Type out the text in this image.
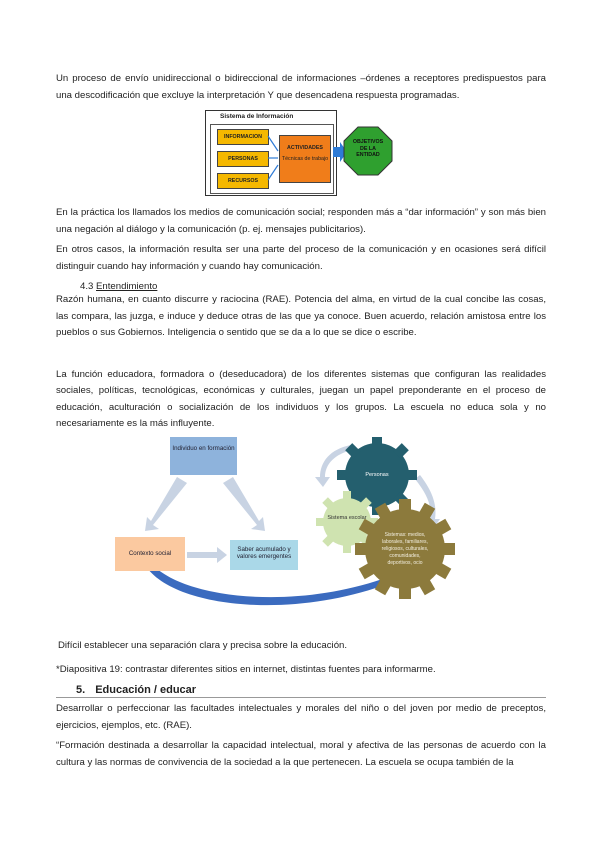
Un proceso de envío unidireccional o bidireccional de informaciones –órdenes a receptores predispuestos para una descodificación que excluye la interpretación Y que desencadena respuesta programadas.

Sistema de Información
INFORMACION
PERSONAS
RECURSOS
ACTIVIDADES
Técnicas de trabajo
OBJETIVOS
DE LA
ENTIDAD

En la práctica los llamados los medios de comunicación social; responden más a “dar información” y son más bien una negación al diálogo y la comunicación (p. ej. mensajes publicitarios).

En otros casos, la información resulta ser una parte del proceso de la comunicación y en ocasiones será difícil distinguir cuando hay información y cuando hay comunicación.

4.3 Entendimiento

Razón humana, en cuanto discurre y raciocina (RAE). Potencia del alma, en virtud de la cual concibe las cosas, las compara, las juzga, e induce y deduce otras de las que ya conoce. Buen acuerdo, relación amistosa entre los pueblos o sus Gobiernos. Inteligencia o sentido que se da a lo que se dice o escribe.

La función educadora, formadora o (deseducadora) de los diferentes sistemas que configuran las realidades sociales, políticas, tecnológicas, económicas y culturales, juegan un papel preponderante en el proceso de educación, aculturación o socialización de los individuos y los grupos. La escuela no educa sola y no necesariamente es la más influyente.

Individuo en formación
Contexto social
Saber acumulado y valores emergentes
Personas
Sistema escolar
Sistemas: medios, laborales, familiares, religiosos, culturales, comunidades, deportivos, ocio
Difícil establecer una separación clara y precisa sobre la educación.
*Diapositiva 19: contrastar diferentes sitios en internet, distintas fuentes para informarme.
5. Educación / educar

Desarrollar o perfeccionar las facultades intelectuales y morales del niño o del joven por medio de preceptos, ejercicios, ejemplos, etc. (RAE).

“Formación destinada a desarrollar la capacidad intelectual, moral y afectiva de las personas de acuerdo con la cultura y las normas de convivencia de la sociedad a la que pertenecen. La escuela se ocupa también de la
